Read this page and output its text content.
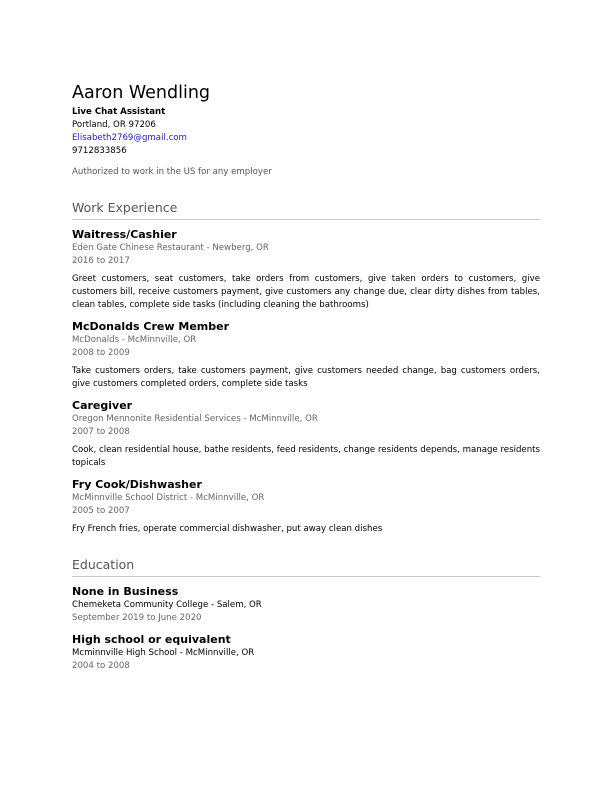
Aaron Wendling
Live Chat Assistant
Portland, OR 97206
Elisabeth2769@gmail.com
9712833856
Authorized to work in the US for any employer
Work Experience
Waitress/Cashier
Eden Gate Chinese Restaurant - Newberg, OR
2016 to 2017
Greet customers, seat customers, take orders from customers, give taken orders to customers, give customers bill, receive customers payment, give customers any change due, clear dirty dishes from tables, clean tables, complete side tasks (including cleaning the bathrooms)
McDonalds Crew Member
McDonalds - McMinnville, OR
2008 to 2009
Take customers orders, take customers payment, give customers needed change, bag customers orders, give customers completed orders, complete side tasks
Caregiver
Oregon Mennonite Residential Services - McMinnville, OR
2007 to 2008
Cook, clean residential house, bathe residents, feed residents, change residents depends, manage residents topicals
Fry Cook/Dishwasher
McMinnville School District - McMinnville, OR
2005 to 2007
Fry French fries, operate commercial dishwasher, put away clean dishes
Education
None in Business
Chemeketa Community College - Salem, OR
September 2019 to June 2020
High school or equivalent
Mcminnville High School - McMinnville, OR
2004 to 2008
